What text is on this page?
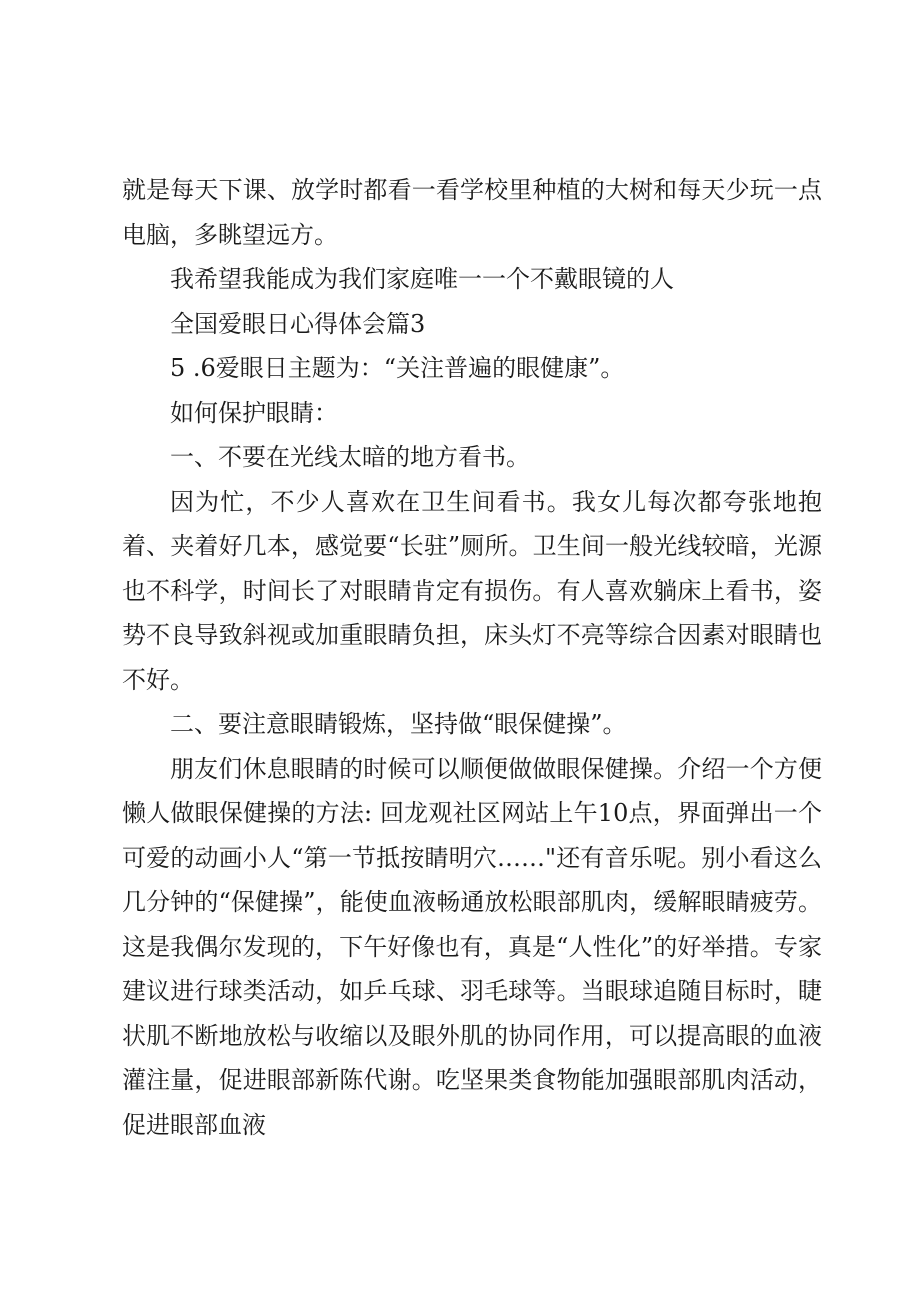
就是每天下课、放学时都看一看学校里种植的大树和每天少玩一点电脑，多眺望远方。

我希望我能成为我们家庭唯一一个不戴眼镜的人

全国爱眼日心得体会篇3

5 .6爱眼日主题为：“关注普遍的眼健康”。

如何保护眼睛：

一、不要在光线太暗的地方看书。

因为忙，不少人喜欢在卫生间看书。我女儿每次都夸张地抱着、夹着好几本，感觉要“长驻”厕所。卫生间一般光线较暗，光源也不科学，时间长了对眼睛肯定有损伤。有人喜欢躺床上看书，姿势不良导致斜视或加重眼睛负担，床头灯不亮等综合因素对眼睛也不好。

二、要注意眼睛锻炼，坚持做“眼保健操”。

朋友们休息眼睛的时候可以顺便做做眼保健操。介绍一个方便懒人做眼保健操的方法: 回龙观社区网站上午10点，界面弹出一个可爱的动画小人“第一节抵按睛明穴……"还有音乐呢。别小看这么几分钟的“保健操”，能使血液畅通放松眼部肌肉，缓解眼睛疲劳。这是我偶尔发现的，下午好像也有，真是“人性化”的好举措。专家建议进行球类活动，如乒乓球、羽毛球等。当眼球追随目标时，睫状肌不断地放松与收缩以及眼外肌的协同作用，可以提高眼的血液灌注量，促进眼部新陈代谢。吃坚果类食物能加强眼部肌肉活动，促进眼部血液
